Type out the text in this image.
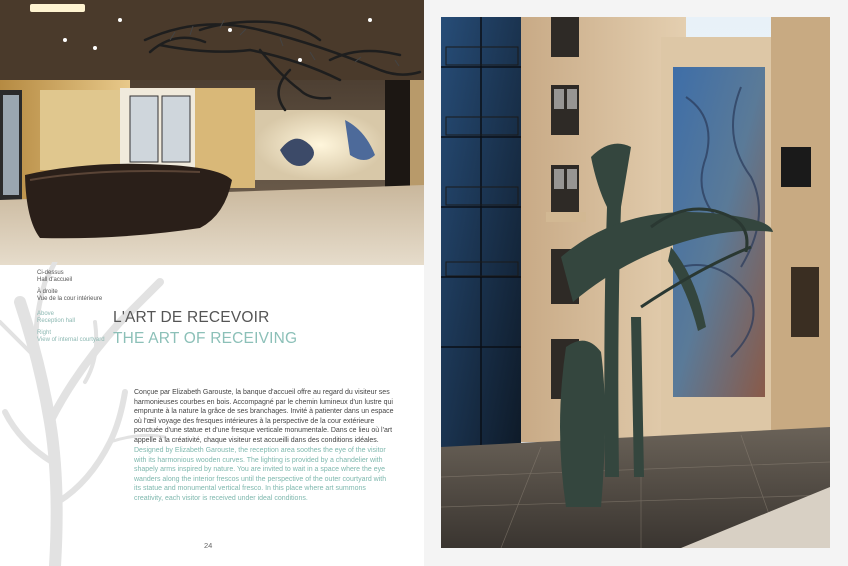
Ci-dessus
Hall d'accueil
À droite
Vue de la cour intérieure
Above
Reception hall
Right
View of internal courtyard
L'ART DE RECEVOIR
THE ART OF RECEIVING

Conçue par Elizabeth Garouste, la banque d'accueil offre au regard du visiteur ses harmonieuses courbes en bois. Accompagné par le chemin lumineux d'un lustre qui emprunte à la nature la grâce de ses branchages. Invité à patienter dans un espace où l'œil voyage des fresques intérieures à la perspective de la cour extérieure ponctuée d'une statue et d'une fresque verticale monumentale. Dans ce lieu où l'art appelle à la créativité, chaque visiteur est accueilli dans des conditions idéales.

Designed by Elizabeth Garouste, the reception area soothes the eye of the visitor with its harmonious wooden curves. The lighting is provided by a chandelier with shapely arms inspired by nature. You are invited to wait in a space where the eye wanders along the interior frescos until the perspective of the outer courtyard with its statue and monumental vertical fresco. In this place where art summons creativity, each visitor is received under ideal conditions.

24
